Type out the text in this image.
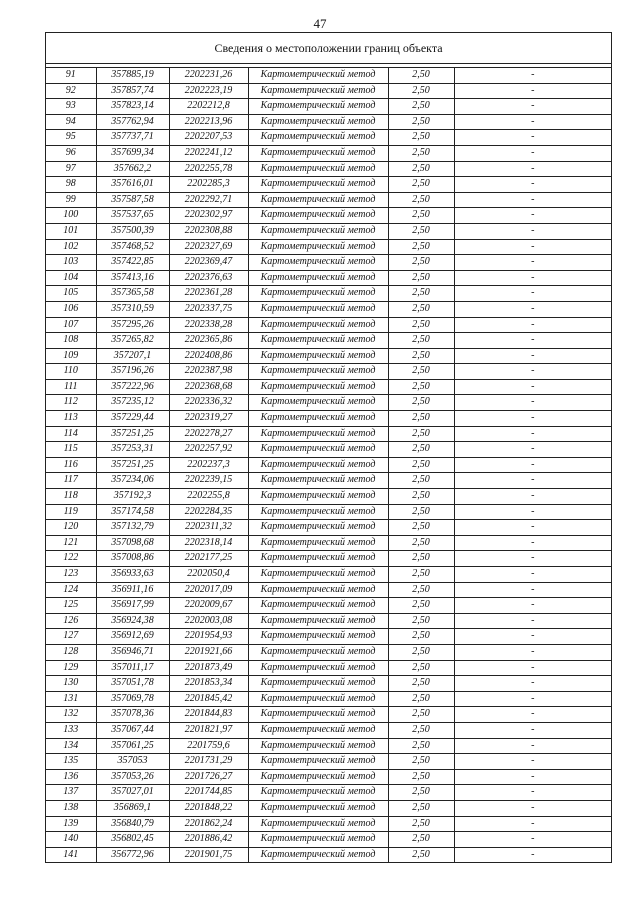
47
Сведения о местоположении границ объекта
91	357885,19	2202231,26	Картометрический метод	2,50	-
92	357857,74	2202223,19	Картометрический метод	2,50	-
93	357823,14	2202212,8	Картометрический метод	2,50	-
94	357762,94	2202213,96	Картометрический метод	2,50	-
95	357737,71	2202207,53	Картометрический метод	2,50	-
96	357699,34	2202241,12	Картометрический метод	2,50	-
97	357662,2	2202255,78	Картометрический метод	2,50	-
98	357616,01	2202285,3	Картометрический метод	2,50	-
99	357587,58	2202292,71	Картометрический метод	2,50	-
100	357537,65	2202302,97	Картометрический метод	2,50	-
101	357500,39	2202308,88	Картометрический метод	2,50	-
102	357468,52	2202327,69	Картометрический метод	2,50	-
103	357422,85	2202369,47	Картометрический метод	2,50	-
104	357413,16	2202376,63	Картометрический метод	2,50	-
105	357365,58	2202361,28	Картометрический метод	2,50	-
106	357310,59	2202337,75	Картометрический метод	2,50	-
107	357295,26	2202338,28	Картометрический метод	2,50	-
108	357265,82	2202365,86	Картометрический метод	2,50	-
109	357207,1	2202408,86	Картометрический метод	2,50	-
110	357196,26	2202387,98	Картометрический метод	2,50	-
111	357222,96	2202368,68	Картометрический метод	2,50	-
112	357235,12	2202336,32	Картометрический метод	2,50	-
113	357229,44	2202319,27	Картометрический метод	2,50	-
114	357251,25	2202278,27	Картометрический метод	2,50	-
115	357253,31	2202257,92	Картометрический метод	2,50	-
116	357251,25	2202237,3	Картометрический метод	2,50	-
117	357234,06	2202239,15	Картометрический метод	2,50	-
118	357192,3	2202255,8	Картометрический метод	2,50	-
119	357174,58	2202284,35	Картометрический метод	2,50	-
120	357132,79	2202311,32	Картометрический метод	2,50	-
121	357098,68	2202318,14	Картометрический метод	2,50	-
122	357008,86	2202177,25	Картометрический метод	2,50	-
123	356933,63	2202050,4	Картометрический метод	2,50	-
124	356911,16	2202017,09	Картометрический метод	2,50	-
125	356917,99	2202009,67	Картометрический метод	2,50	-
126	356924,38	2202003,08	Картометрический метод	2,50	-
127	356912,69	2201954,93	Картометрический метод	2,50	-
128	356946,71	2201921,66	Картометрический метод	2,50	-
129	357011,17	2201873,49	Картометрический метод	2,50	-
130	357051,78	2201853,34	Картометрический метод	2,50	-
131	357069,78	2201845,42	Картометрический метод	2,50	-
132	357078,36	2201844,83	Картометрический метод	2,50	-
133	357067,44	2201821,97	Картометрический метод	2,50	-
134	357061,25	2201759,6	Картометрический метод	2,50	-
135	357053	2201731,29	Картометрический метод	2,50	-
136	357053,26	2201726,27	Картометрический метод	2,50	-
137	357027,01	2201744,85	Картометрический метод	2,50	-
138	356869,1	2201848,22	Картометрический метод	2,50	-
139	356840,79	2201862,24	Картометрический метод	2,50	-
140	356802,45	2201886,42	Картометрический метод	2,50	-
141	356772,96	2201901,75	Картометрический метод	2,50	-
